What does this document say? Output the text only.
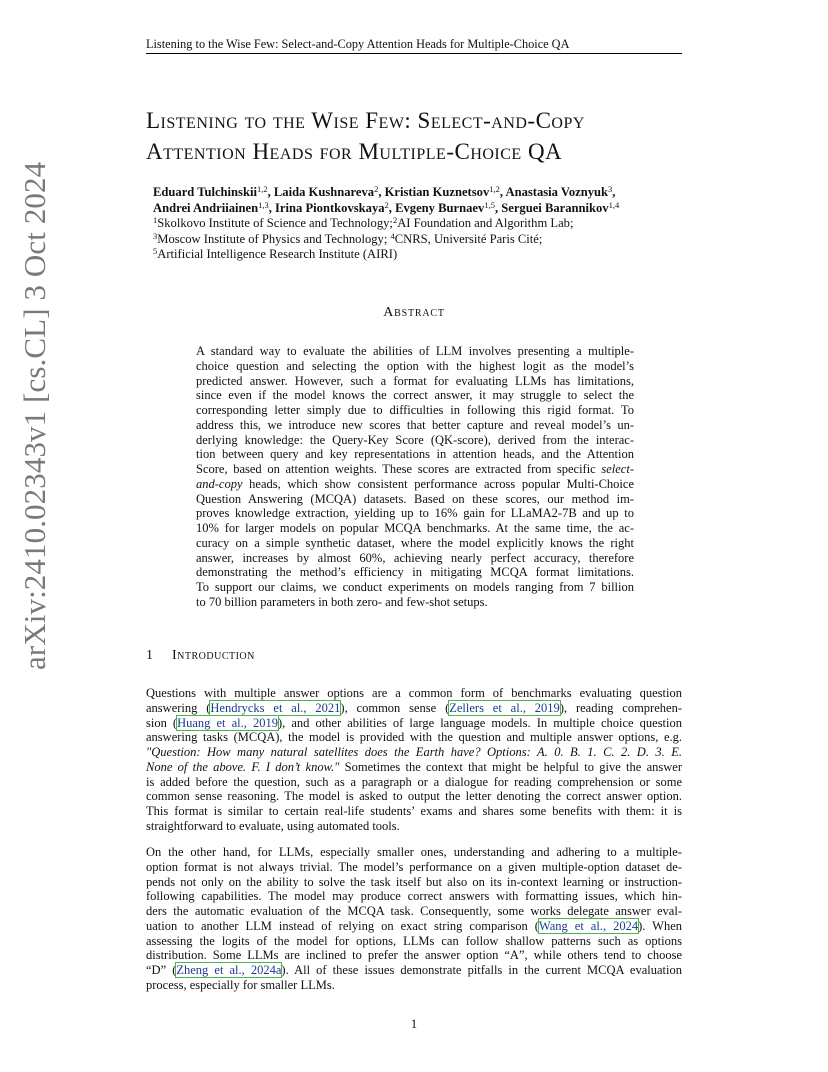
Listening to the Wise Few: Select-and-Copy Attention Heads for Multiple-Choice QA
arXiv:2410.02343v1 [cs.CL] 3 Oct 2024
Listening to the Wise Few: Select-and-Copy
Attention Heads for Multiple-Choice QA
Eduard Tulchinskii$^{1,2}$, Laida Kushnareva$^2$, Kristian Kuznetsov$^{1,2}$, Anastasia Voznyuk$^3$,
Andrei Andriiainen$^{1,3}$, Irina Piontkovskaya$^2$, Evgeny Burnaev$^{1,5}$, Serguei Barannikov$^{1,4}$
$^1$Skolkovo Institute of Science and Technology;$^2$AI Foundation and Algorithm Lab;
$^3$Moscow Institute of Physics and Technology; $^4$CNRS, Université Paris Cité;
$^5$Artificial Intelligence Research Institute (AIRI)
Abstract
A standard way to evaluate the abilities of LLM involves presenting a multiple-
choice question and selecting the option with the highest logit as the model’s
predicted answer. However, such a format for evaluating LLMs has limitations,
since even if the model knows the correct answer, it may struggle to select the
corresponding letter simply due to difficulties in following this rigid format. To
address this, we introduce new scores that better capture and reveal model’s un-
derlying knowledge: the Query-Key Score (QK-score), derived from the interac-
tion between query and key representations in attention heads, and the Attention
Score, based on attention weights. These scores are extracted from specific select-
and-copy heads, which show consistent performance across popular Multi-Choice
Question Answering (MCQA) datasets. Based on these scores, our method im-
proves knowledge extraction, yielding up to 16% gain for LLaMA2-7B and up to
10% for larger models on popular MCQA benchmarks. At the same time, the ac-
curacy on a simple synthetic dataset, where the model explicitly knows the right
answer, increases by almost 60%, achieving nearly perfect accuracy, therefore
demonstrating the method’s efficiency in mitigating MCQA format limitations.
To support our claims, we conduct experiments on models ranging from 7 billion
to 70 billion parameters in both zero- and few-shot setups.
1 Introduction
Questions with multiple answer options are a common form of benchmarks evaluating question
answering (Hendrycks et al., 2021), common sense (Zellers et al., 2019), reading comprehen-
sion (Huang et al., 2019), and other abilities of large language models. In multiple choice question
answering tasks (MCQA), the model is provided with the question and multiple answer options, e.g.
"Question: How many natural satellites does the Earth have? Options: A. 0. B. 1. C. 2. D. 3. E.
None of the above. F. I don’t know." Sometimes the context that might be helpful to give the answer
is added before the question, such as a paragraph or a dialogue for reading comprehension or some
common sense reasoning. The model is asked to output the letter denoting the correct answer option.
This format is similar to certain real-life students’ exams and shares some benefits with them: it is
straightforward to evaluate, using automated tools.
On the other hand, for LLMs, especially smaller ones, understanding and adhering to a multiple-
option format is not always trivial. The model’s performance on a given multiple-option dataset de-
pends not only on the ability to solve the task itself but also on its in-context learning or instruction-
following capabilities. The model may produce correct answers with formatting issues, which hin-
ders the automatic evaluation of the MCQA task. Consequently, some works delegate answer eval-
uation to another LLM instead of relying on exact string comparison (Wang et al., 2024). When
assessing the logits of the model for options, LLMs can follow shallow patterns such as options
distribution. Some LLMs are inclined to prefer the answer option “A”, while others tend to choose
“D” (Zheng et al., 2024a). All of these issues demonstrate pitfalls in the current MCQA evaluation
process, especially for smaller LLMs.
1
